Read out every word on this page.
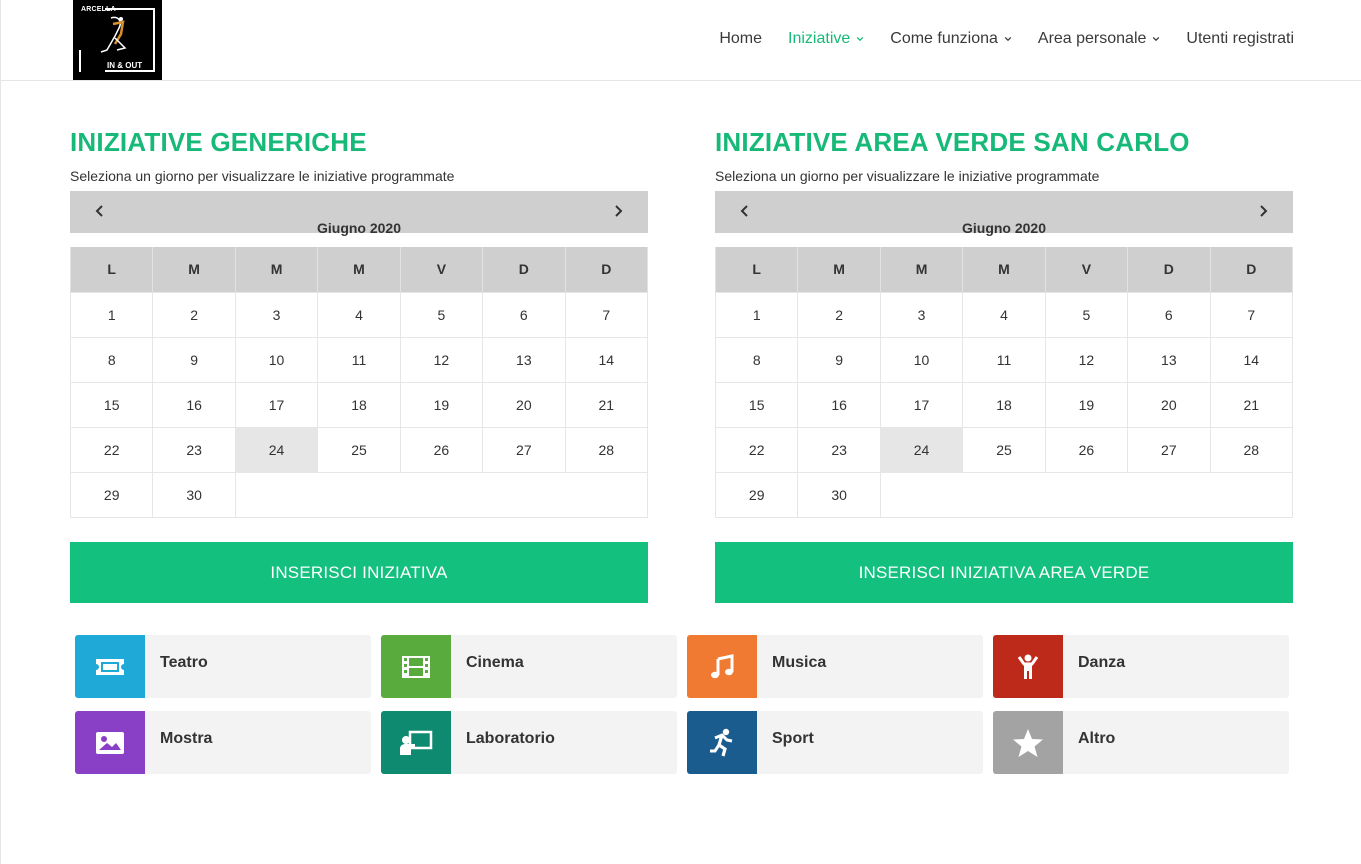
ARCELLA
IN & OUT
Home Iniziative	Come funziona	Area personale	Utenti registrati
INIZIATIVE GENERICHE

Seleziona un giorno per visualizzare le iniziative programmate

Giugno 2020
L	M	M	M	V	D	D
1	2	3	4	5	6	7
8	9	10	11	12	13	14
15	16	17	18	19	20	21
22	23	24	25	26	27	28
29	30					
INIZIATIVE AREA VERDE SAN CARLO

Seleziona un giorno per visualizzare le iniziative programmate

Giugno 2020
L	M	M	M	V	D	D
1	2	3	4	5	6	7
8	9	10	11	12	13	14
15	16	17	18	19	20	21
22	23	24	25	26	27	28
29	30					
INSERISCI INIZIATIVA	INSERISCI INIZIATIVA AREA VERDE
Teatro	Cinema	Musica	Danza
Mostra	Laboratorio	Sport	Altro
